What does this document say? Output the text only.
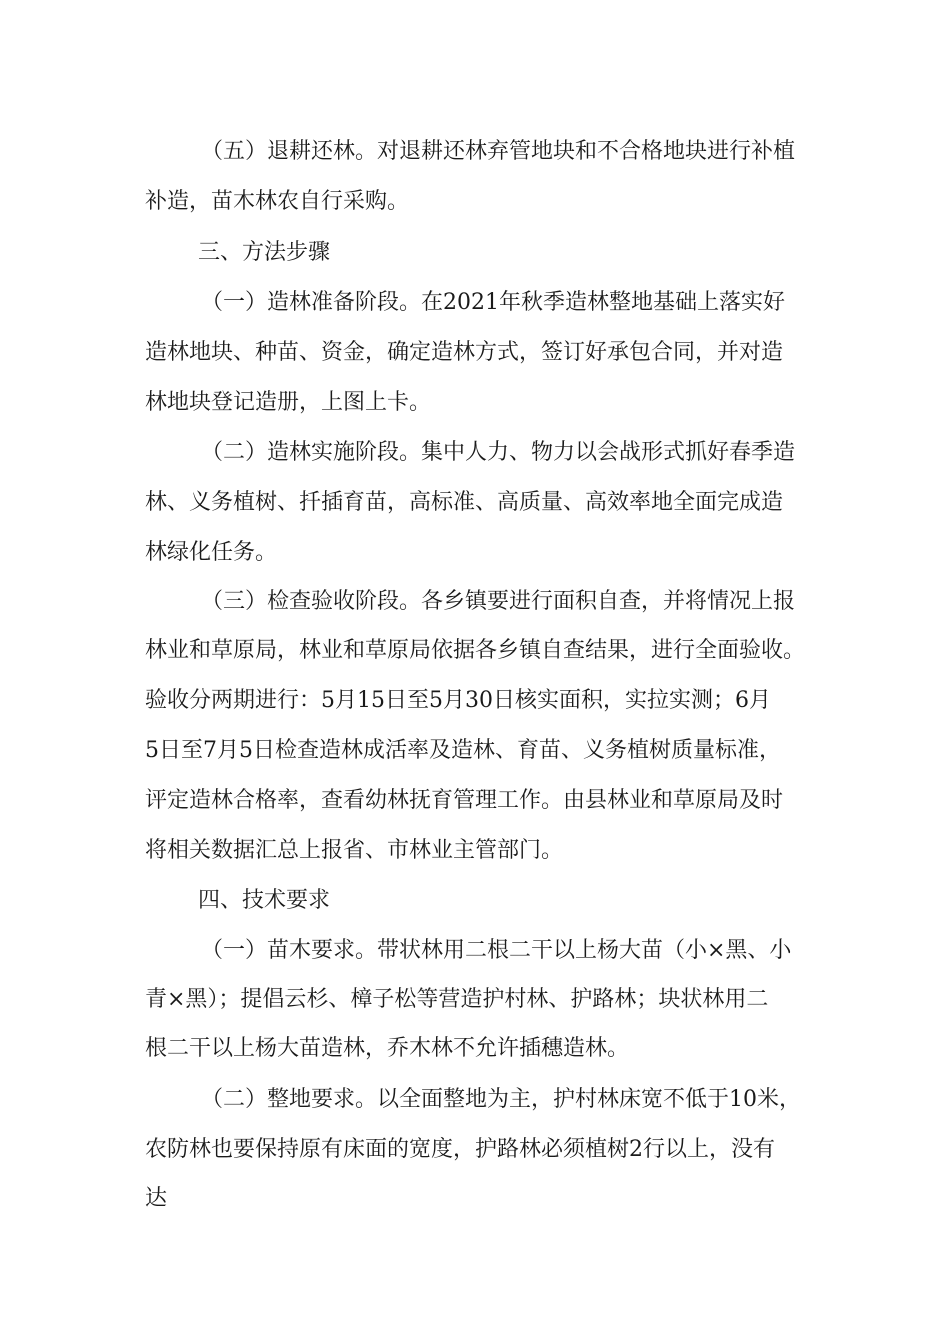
（五）退耕还林。对退耕还林弃管地块和不合格地块进行补植
补造，苗木林农自行采购。
三、方法步骤
（一）造林准备阶段。在2021年秋季造林整地基础上落实好
造林地块、种苗、资金，确定造林方式，签订好承包合同，并对造
林地块登记造册，上图上卡。
（二）造林实施阶段。集中人力、物力以会战形式抓好春季造
林、义务植树、扦插育苗，高标准、高质量、高效率地全面完成造
林绿化任务。
（三）检查验收阶段。各乡镇要进行面积自查，并将情况上报
林业和草原局，林业和草原局依据各乡镇自查结果，进行全面验收。
验收分两期进行：5月15日至5月30日核实面积，实拉实测；6月
5日至7月5日检查造林成活率及造林、育苗、义务植树质量标准，
评定造林合格率，查看幼林抚育管理工作。由县林业和草原局及时
将相关数据汇总上报省、市林业主管部门。
四、技术要求
（一）苗木要求。带状林用二根二干以上杨大苗（小×黑、小
青×黑）；提倡云杉、樟子松等营造护村林、护路林；块状林用二
根二干以上杨大苗造林，乔木林不允许插穗造林。
（二）整地要求。以全面整地为主，护村林床宽不低于10米，
农防林也要保持原有床面的宽度，护路林必须植树2行以上，没有
达
